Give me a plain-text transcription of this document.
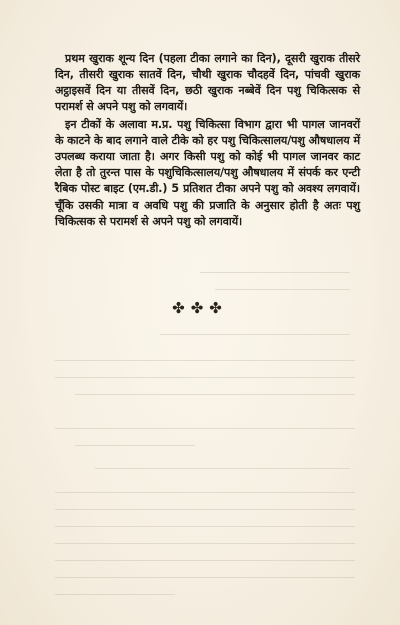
प्रथम खुराक शून्य दिन (पहला टीका लगाने का दिन), दूसरी खुराक तीसरे दिन, तीसरी खुराक सातवें दिन, चौथी खुराक चौदहवें दिन, पांचवी खुराक अट्ठाइसवें दिन या तीसवें दिन, छठी खुराक नब्बेवें दिन पशु चिकित्सक से परामर्श से अपने पशु को लगवायें।

इन टीकों के अलावा म.प्र. पशु चिकित्सा विभाग द्वारा भी पागल जानवरों के काटने के बाद लगाने वाले टीके को हर पशु चिकित्सालय/पशु औषधालय में उपलब्ध कराया जाता है। अगर किसी पशु को कोई भी पागल जानवर काट लेता है तो तुरन्त पास के पशुचिकित्सालय/पशु औषधालय में संपर्क कर एन्टी रैबिक पोस्ट बाइट (एम.डी.) 5 प्रतिशत टीका अपने पशु को अवश्य लगवायें। चूँकि उसकी मात्रा व अवधि पशु की प्रजाति के अनुसार होती है अतः पशु चिकित्सक से परामर्श से अपने पशु को लगवायें।

✤✤✤
